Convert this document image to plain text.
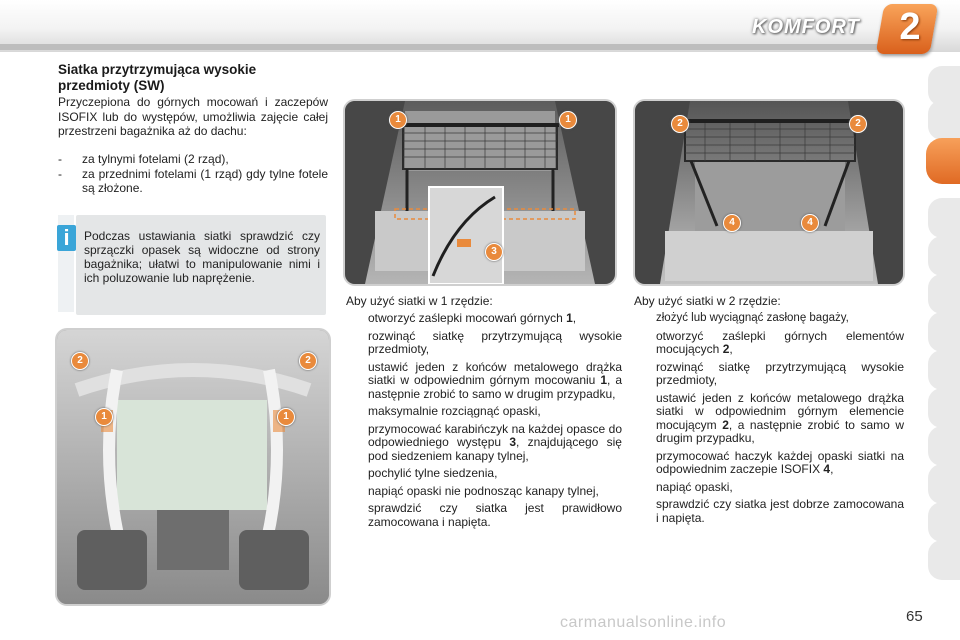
KOMFORT 2
Siatka przytrzymująca wysokie przedmioty (SW)
Przyczepiona do górnych mocowań i zaczepów ISOFIX lub do występów, umożliwia zajęcie całej przestrzeni bagażnika aż do dachu:
-	za tylnymi fotelami (2 rząd),
-	za przednimi fotelami (1 rząd) gdy tylne fotele są złożone.
i	Podczas ustawiania siatki sprawdzić czy sprzączki opasek są widoczne od strony bagażnika; ułatwi to manipulowanie nimi i ich poluzowanie lub naprężenie.
1	1
3
2	2
4	4
2	2
1	1
Aby użyć siatki w 1 rzędzie:
otworzyć zaślepki mocowań górnych 1,
rozwinąć siatkę przytrzymującą wysokie przedmioty,
ustawić jeden z końców metalowego drążka siatki w odpowiednim górnym mocowaniu 1, a następnie zrobić to samo w drugim przypadku,
maksymalnie rozciągnąć opaski,
przymocować karabińczyk na każdej opasce do odpowiedniego występu 3, znajdującego się pod siedzeniem kanapy tylnej,
pochylić tylne siedzenia,
napiąć opaski nie podnosząc kanapy tylnej,
sprawdzić czy siatka jest prawidłowo zamocowana i napięta.
Aby użyć siatki w 2 rzędzie:
złożyć lub wyciągnąć zasłonę bagaży,
otworzyć zaślepki górnych elementów mocujących 2,
rozwinąć siatkę przytrzymującą wysokie przedmioty,
ustawić jeden z końców metalowego drążka siatki w odpowiednim górnym elemencie mocującym 2, a następnie zrobić to samo w drugim przypadku,
przymocować haczyk każdej opaski siatki na odpowiednim zaczepie ISOFIX 4,
napiąć opaski,
sprawdzić czy siatka jest dobrze zamocowana i napięta.
carmanualsonline.info	65
